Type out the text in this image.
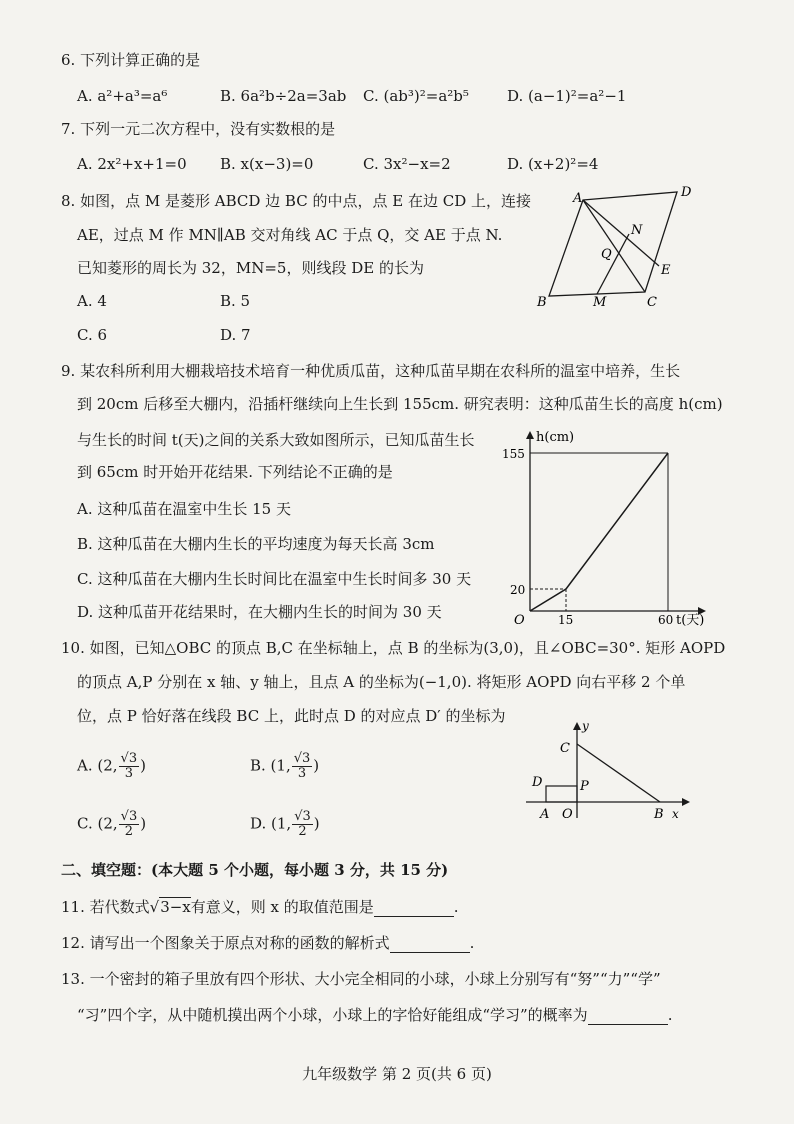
6. 下列计算正确的是
A. a²+a³=a⁶	B. 6a²b÷2a=3ab C. (ab³)²=a²b⁵	D. (a−1)²=a²−1
7. 下列一元二次方程中，没有实数根的是
A. 2x²+x+1=0 B. x(x−3)=0	C. 3x²−x=2	D. (x+2)²=4
8. 如图，点 M 是菱形 ABCD 边 BC 的中点，点 E 在边 CD 上，连接
AE，过点 M 作 MN∥AB 交对角线 AC 于点 Q，交 AE 于点 N.
已知菱形的周长为 32，MN=5，则线段 DE 的长为
A. 4	B. 5
C. 6	D. 7
A	D
B	C
M
N
Q
E
9. 某农科所利用大棚栽培技术培育一种优质瓜苗，这种瓜苗早期在农科所的温室中培养，生长
到 20cm 后移至大棚内，沿插杆继续向上生长到 155cm. 研究表明：这种瓜苗生长的高度 h(cm)
与生长的时间 t(天)之间的关系大致如图所示，已知瓜苗生长
到 65cm 时开始开花结果. 下列结论不正确的是
A. 这种瓜苗在温室中生长 15 天
B. 这种瓜苗在大棚内生长的平均速度为每天长高 3cm
C. 这种瓜苗在大棚内生长时间比在温室中生长时间多 30 天
D. 这种瓜苗开花结果时，在大棚内生长的时间为 30 天
h(cm)
155
20
O	15	60 t(天)
10. 如图，已知△OBC 的顶点 B,C 在坐标轴上，点 B 的坐标为(3,0)，且∠OBC=30°. 矩形 AOPD
的顶点 A,P 分别在 x 轴、y 轴上，且点 A 的坐标为(−1,0). 将矩形 AOPD 向右平移 2 个单
位，点 P 恰好落在线段 BC 上，此时点 D 的对应点 D′ 的坐标为
A. (2, $\frac{√3}{3}$ )	B. (1, $\frac{√3}{3}$ )
C. (2, $\frac{√3}{2}$ )	D. (1, $\frac{√3}{2}$ )
y
C
D	P
A O	B x
二、填空题：(本大题 5 个小题，每小题 3 分，共 15 分)
11. 若代数式√3−x有意义，则 x 的取值范围是	.
12. 请写出一个图象关于原点对称的函数的解析式	.
13. 一个密封的箱子里放有四个形状、大小完全相同的小球，小球上分别写有“努”“力”“学”
“习”四个字，从中随机摸出两个小球，小球上的字恰好能组成“学习”的概率为	.
九年级数学 第 2 页(共 6 页)
